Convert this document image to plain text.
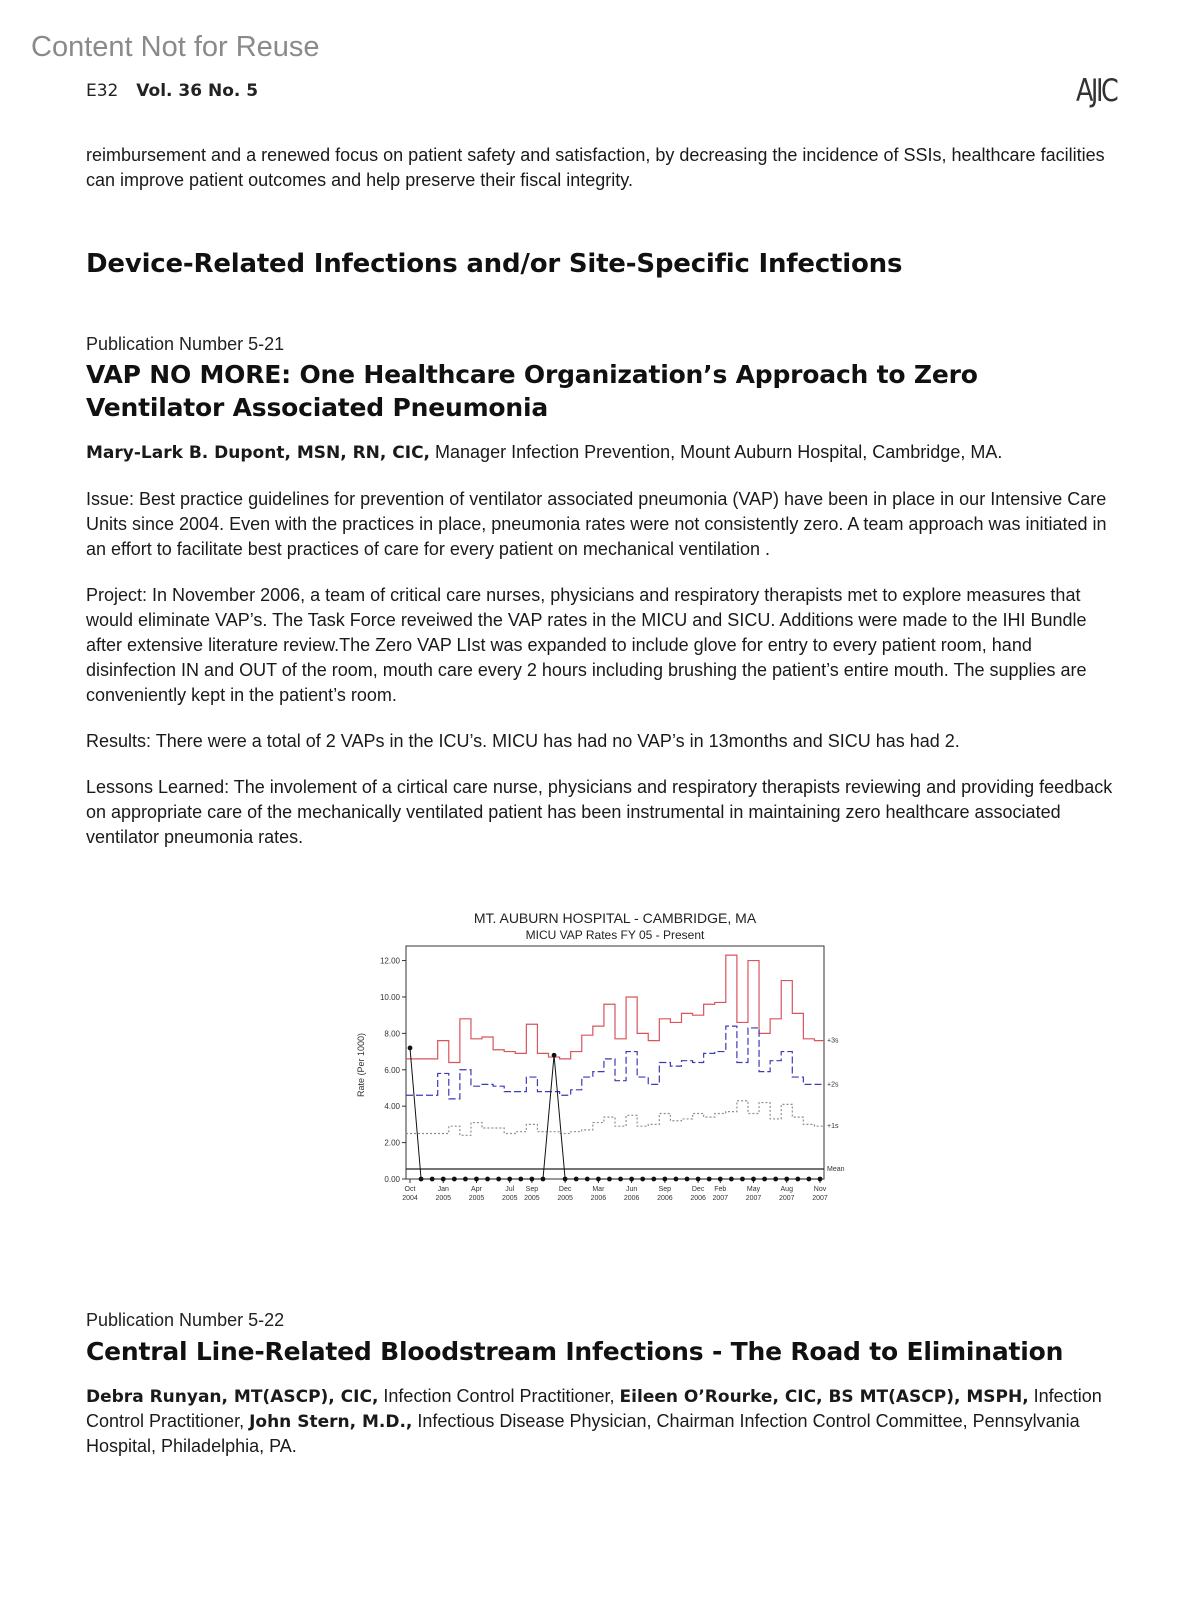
Content Not for Reuse
E32 Vol. 36 No. 5	AJIC

reimbursement and a renewed focus on patient safety and satisfaction, by decreasing the incidence of SSIs, healthcare facilities can improve patient outcomes and help preserve their fiscal integrity.

Device-Related Infections and/or Site-Specific Infections

Publication Number 5-21

VAP NO MORE: One Healthcare Organization’s Approach to Zero
Ventilator Associated Pneumonia

Mary-Lark B. Dupont, MSN, RN, CIC, Manager Infection Prevention, Mount Auburn Hospital, Cambridge, MA.

Issue: Best practice guidelines for prevention of ventilator associated pneumonia (VAP) have been in place in our Intensive Care Units since 2004. Even with the practices in place, pneumonia rates were not consistently zero. A team approach was initiated in an effort to facilitate best practices of care for every patient on mechanical ventilation .

Project: In November 2006, a team of critical care nurses, physicians and respiratory therapists met to explore measures that would eliminate VAP’s. The Task Force reveiwed the VAP rates in the MICU and SICU. Additions were made to the IHI Bundle after extensive literature review.The Zero VAP LIst was expanded to include glove for entry to every patient room, hand disinfection IN and OUT of the room, mouth care every 2 hours including brushing the patient’s entire mouth. The supplies are conveniently kept in the patient’s room.

Results: There were a total of 2 VAPs in the ICU’s. MICU has had no VAP’s in 13months and SICU has had 2.

Lessons Learned: The involement of a cirtical care nurse, physicians and respiratory therapists reviewing and providing feedback on appropriate care of the mechanically ventilated patient has been instrumental in maintaining zero healthcare associated ventilator pneumonia rates.

MT. AUBURN HOSPITAL - CAMBRIDGE, MA
MICU VAP Rates FY 05 - Present
Rate (Per 1000)
0.00
2.00
4.00
6.00
8.00
10.00
12.00
Oct
2004
Jan
2005
Apr
2005
Jul
2005
Sep
2005
Dec
2005
Mar
2006
Jun
2006
Sep
2006
Dec
2006
Feb
2007
May
2007
Aug
2007
Nov
2007
+3s
+2s
+1s
Mean

Publication Number 5-22

Central Line-Related Bloodstream Infections - The Road to Elimination

Debra Runyan, MT(ASCP), CIC, Infection Control Practitioner, Eileen O’Rourke, CIC, BS MT(ASCP), MSPH, Infection Control Practitioner, John Stern, M.D., Infectious Disease Physician, Chairman Infection Control Committee, Pennsylvania Hospital, Philadelphia, PA.
